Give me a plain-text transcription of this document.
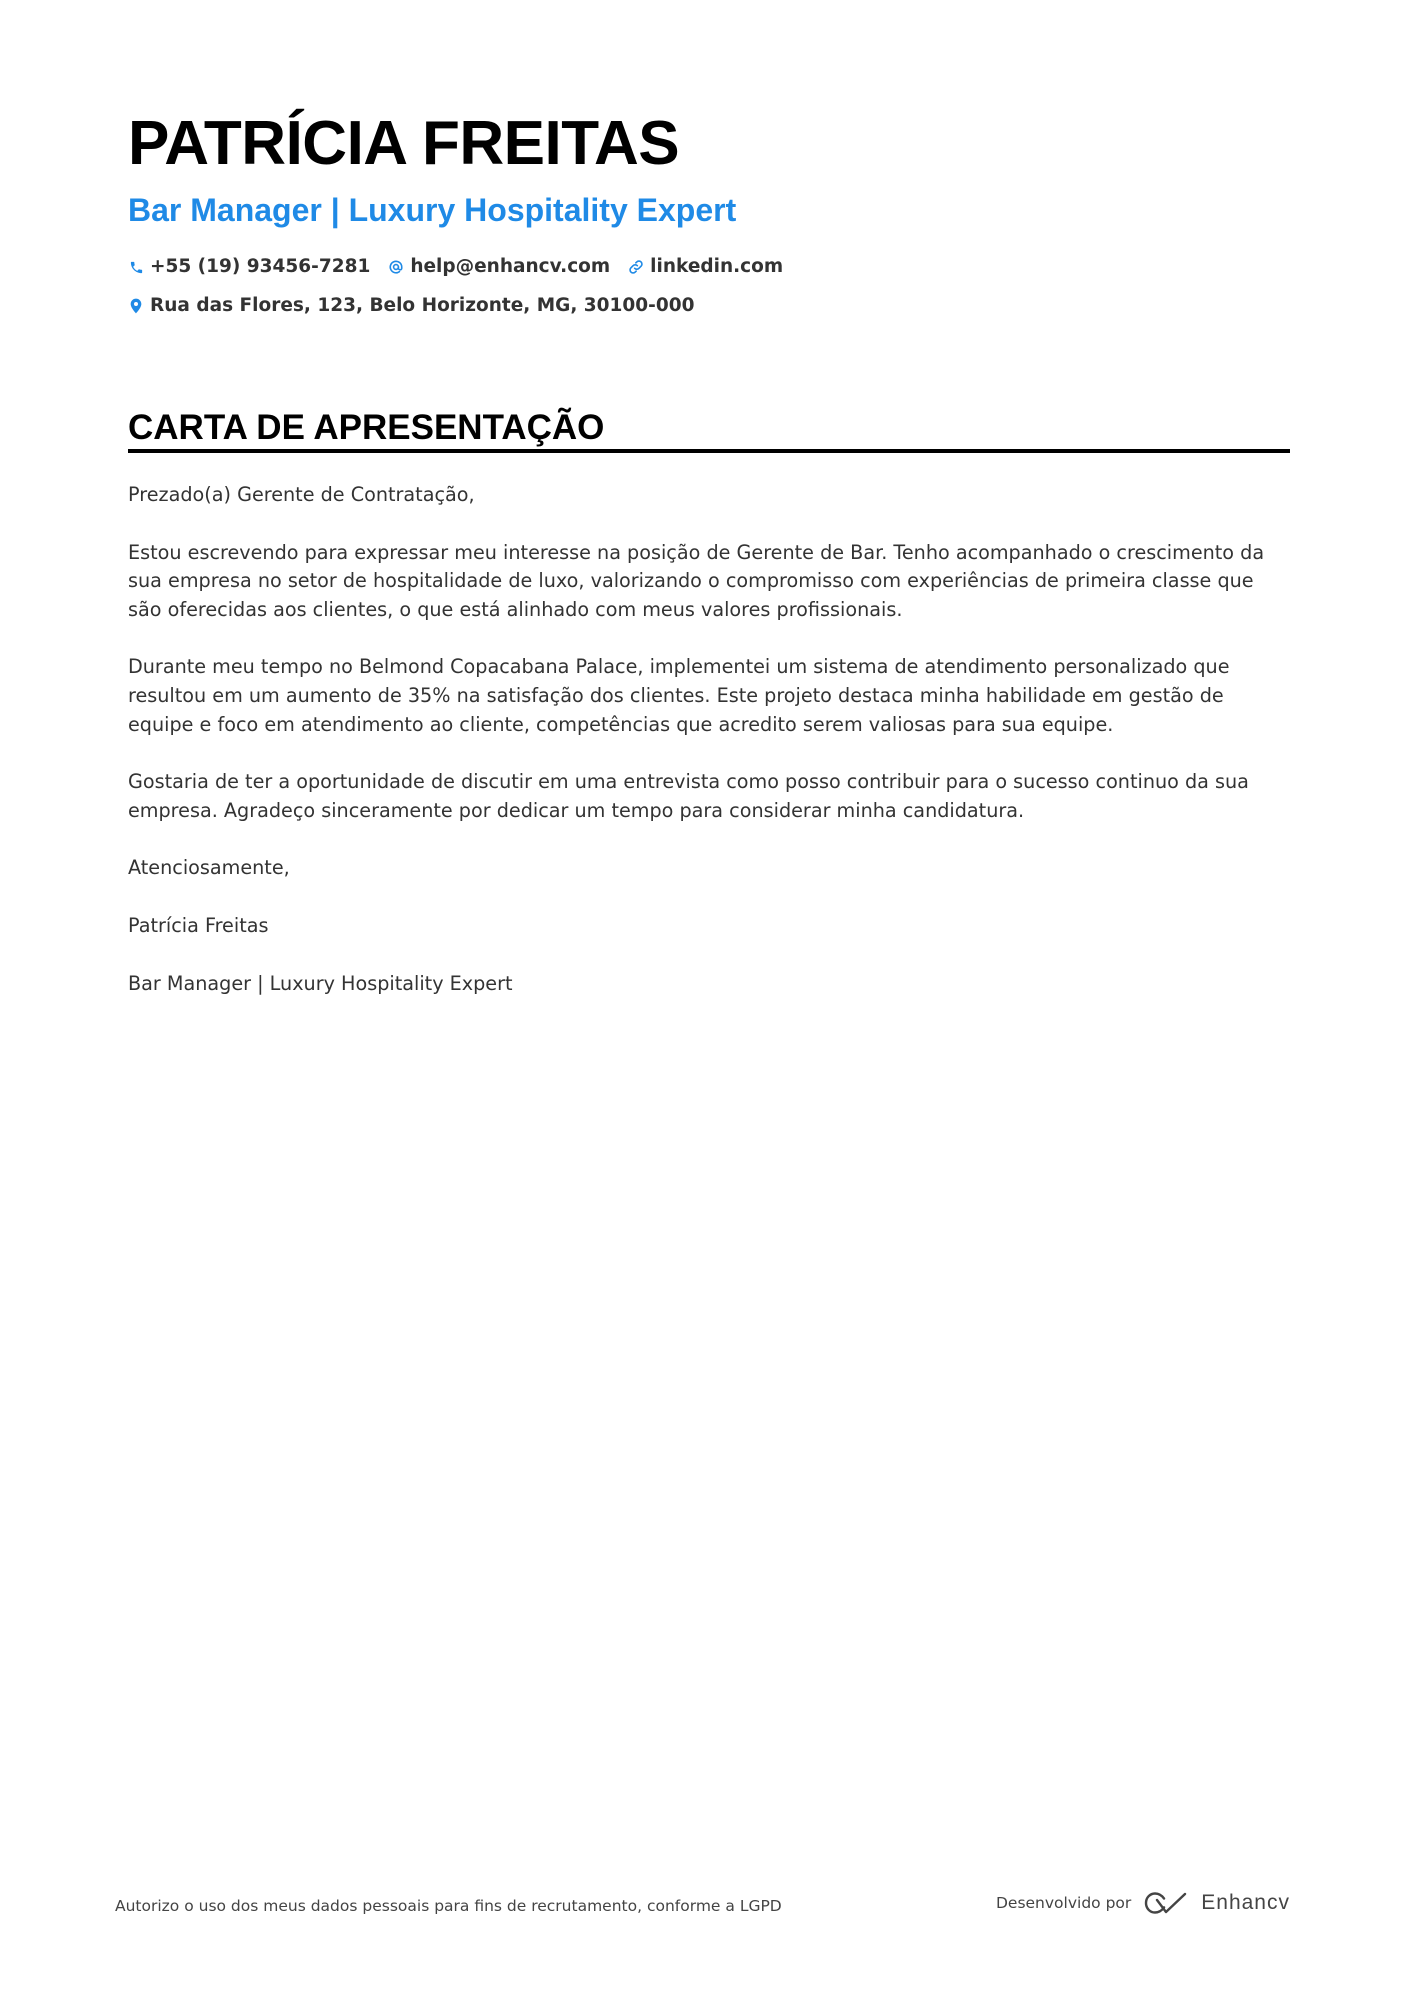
PATRÍCIA FREITAS
Bar Manager | Luxury Hospitality Expert
+55 (19) 93456-7281 help@enhancv.com linkedin.com
Rua das Flores, 123, Belo Horizonte, MG, 30100-000
CARTA DE APRESENTAÇÃO

Prezado(a) Gerente de Contratação,

Estou escrevendo para expressar meu interesse na posição de Gerente de Bar. Tenho acompanhado o crescimento da sua empresa no setor de hospitalidade de luxo, valorizando o compromisso com experiências de primeira classe que são oferecidas aos clientes, o que está alinhado com meus valores profissionais.

Durante meu tempo no Belmond Copacabana Palace, implementei um sistema de atendimento personalizado que resultou em um aumento de 35% na satisfação dos clientes. Este projeto destaca minha habilidade em gestão de equipe e foco em atendimento ao cliente, competências que acredito serem valiosas para sua equipe.

Gostaria de ter a oportunidade de discutir em uma entrevista como posso contribuir para o sucesso continuo da sua empresa. Agradeço sinceramente por dedicar um tempo para considerar minha candidatura.

Atenciosamente,

Patrícia Freitas

Bar Manager | Luxury Hospitality Expert

Autorizo o uso dos meus dados pessoais para fins de recrutamento, conforme a LGPD	Desenvolvido por	Enhancv
